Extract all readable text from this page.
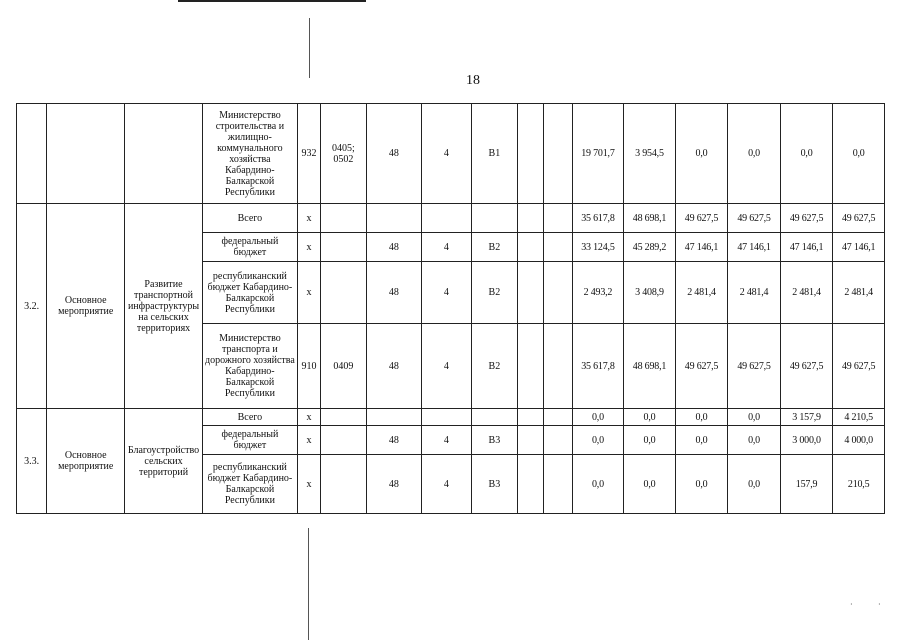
18
			Министерство строительства и жилищно-коммунального хозяйства Кабардино-Балкарской Республики	932	0405; 0502	48	4	B1			19 701,7	3 954,5	0,0	0,0	0,0	0,0
3.2.	Основное мероприятие	Развитие транспортной инфраструктуры на сельских территориях	Всего	x							35 617,8	48 698,1	49 627,5	49 627,5	49 627,5	49 627,5
			федеральный бюджет	x		48	4	B2			33 124,5	45 289,2	47 146,1	47 146,1	47 146,1	47 146,1
			республиканский бюджет Кабардино-Балкарской Республики	x		48	4	B2			2 493,2	3 408,9	2 481,4	2 481,4	2 481,4	2 481,4
			Министерство транспорта и дорожного хозяйства Кабардино-Балкарской Республики	910	0409	48	4	B2			35 617,8	48 698,1	49 627,5	49 627,5	49 627,5	49 627,5
3.3.	Основное мероприятие	Благоустройство сельских территорий	Всего	x							0,0	0,0	0,0	0,0	3 157,9	4 210,5
			федеральный бюджет	x		48	4	B3			0,0	0,0	0,0	0,0	3 000,0	4 000,0
			республиканский бюджет Кабардино-Балкарской Республики	x		48	4	B3			0,0	0,0	0,0	0,0	157,9	210,5
·	·
